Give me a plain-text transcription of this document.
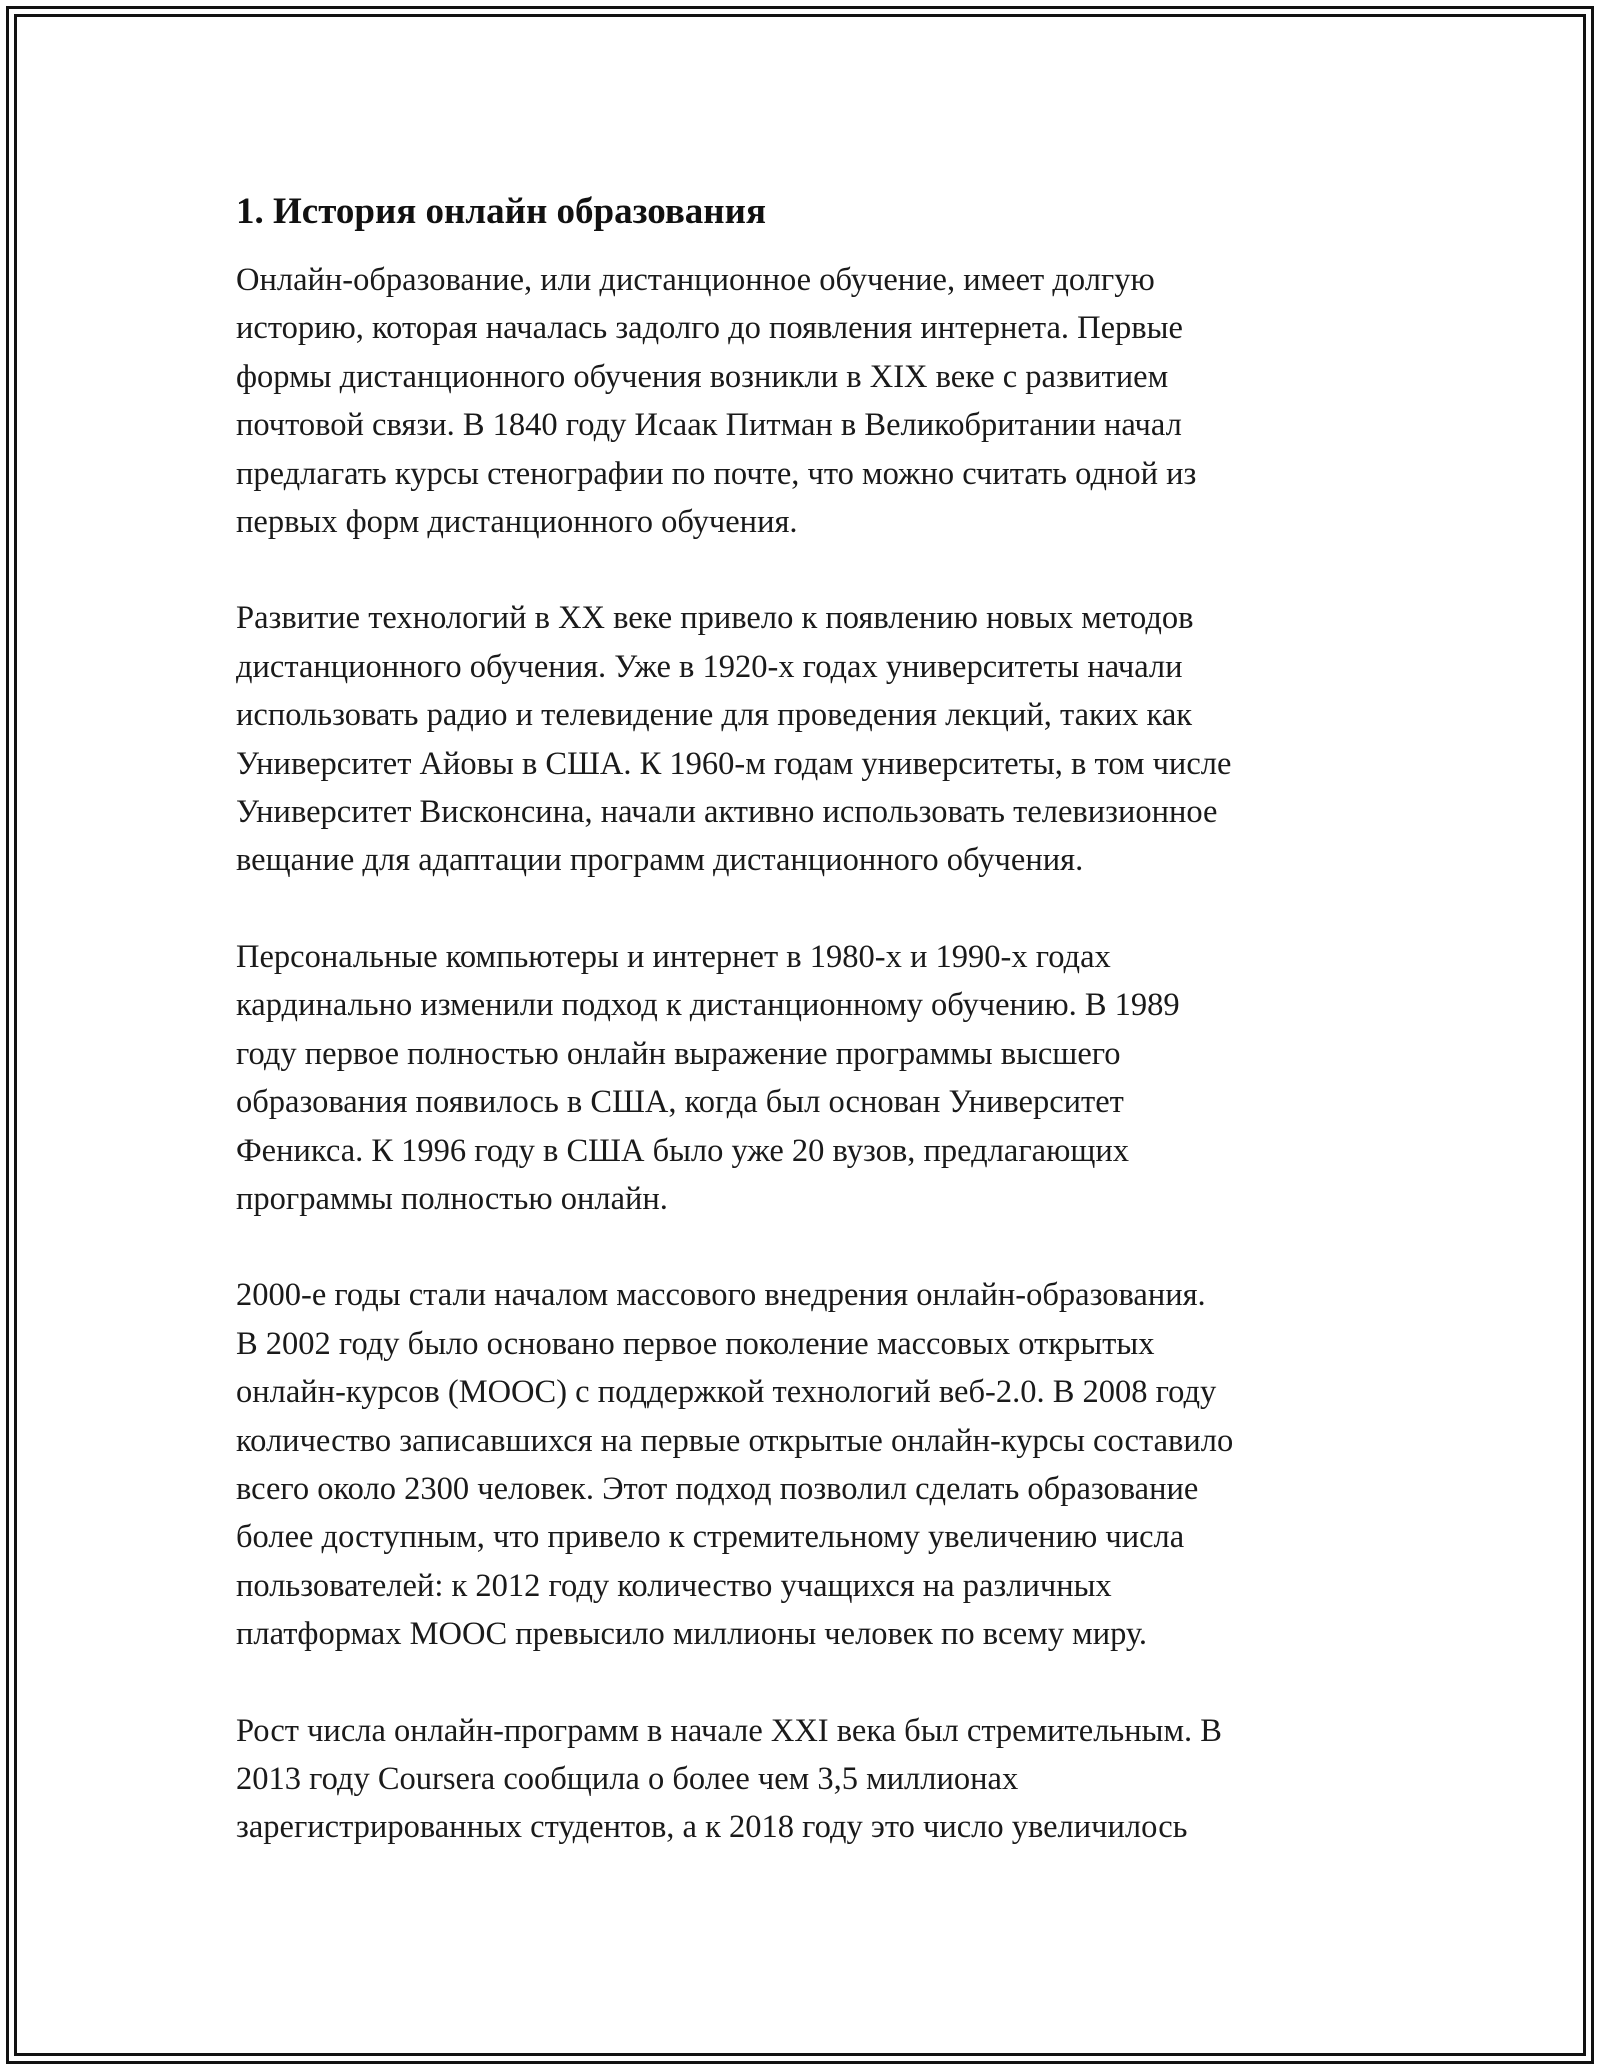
1. История онлайн образования

Онлайн-образование, или дистанционное обучение, имеет долгую
историю, которая началась задолго до появления интернета. Первые
формы дистанционного обучения возникли в XIX веке с развитием
почтовой связи. В 1840 году Исаак Питман в Великобритании начал
предлагать курсы стенографии по почте, что можно считать одной из
первых форм дистанционного обучения.

Развитие технологий в XX веке привело к появлению новых методов
дистанционного обучения. Уже в 1920-х годах университеты начали
использовать радио и телевидение для проведения лекций, таких как
Университет Айовы в США. К 1960-м годам университеты, в том числе
Университет Висконсина, начали активно использовать телевизионное
вещание для адаптации программ дистанционного обучения.

Персональные компьютеры и интернет в 1980-х и 1990-х годах
кардинально изменили подход к дистанционному обучению. В 1989
году первое полностью онлайн выражение программы высшего
образования появилось в США, когда был основан Университет
Феникса. К 1996 году в США было уже 20 вузов, предлагающих
программы полностью онлайн.

2000-е годы стали началом массового внедрения онлайн-образования.
В 2002 году было основано первое поколение массовых открытых
онлайн-курсов (MOOC) с поддержкой технологий веб-2.0. В 2008 году
количество записавшихся на первые открытые онлайн-курсы составило
всего около 2300 человек. Этот подход позволил сделать образование
более доступным, что привело к стремительному увеличению числа
пользователей: к 2012 году количество учащихся на различных
платформах MOOC превысило миллионы человек по всему миру.

Рост числа онлайн-программ в начале XXI века был стремительным. В
2013 году Coursera сообщила о более чем 3,5 миллионах
зарегистрированных студентов, а к 2018 году это число увеличилось
